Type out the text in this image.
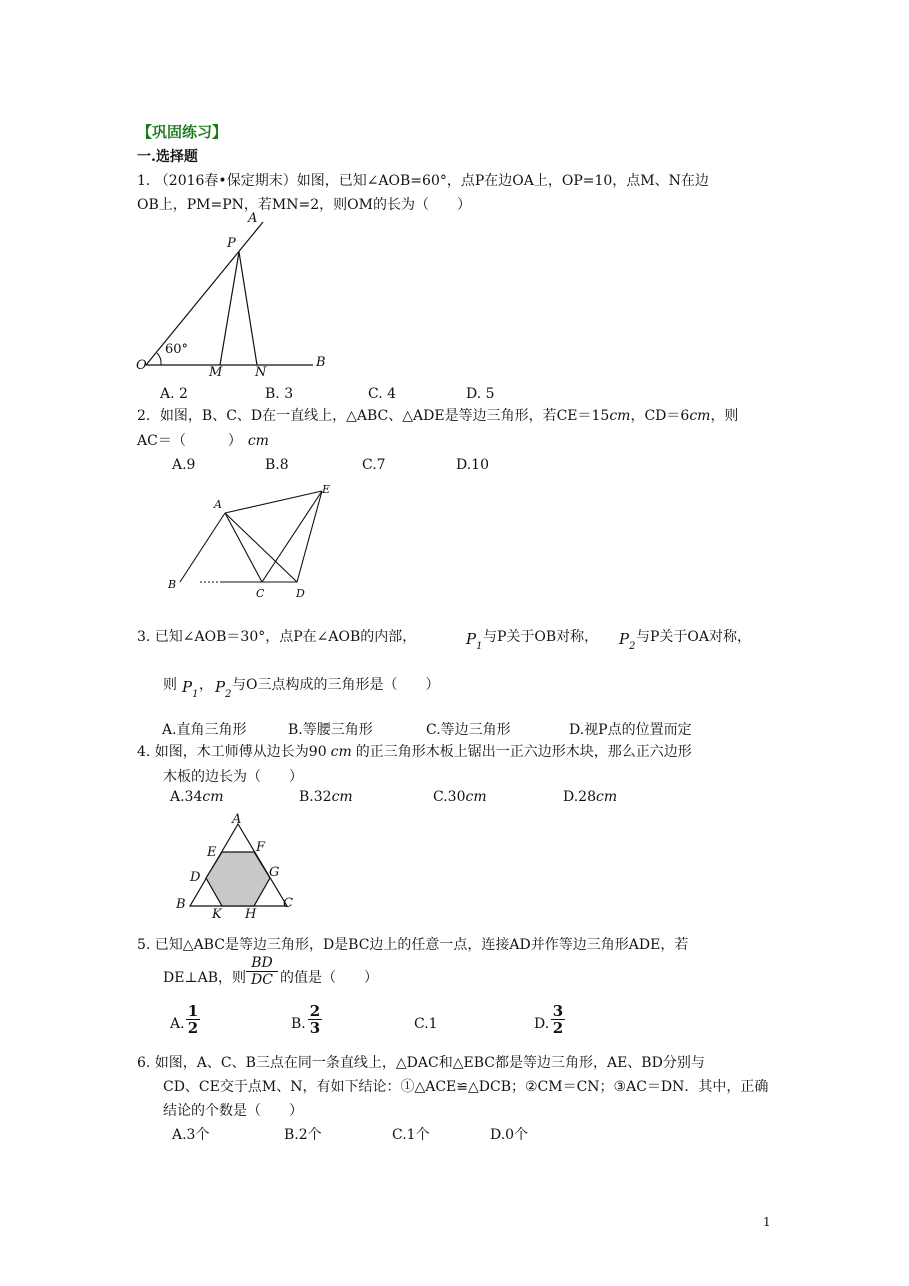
【巩固练习】
一.选择题
1. （2016春•保定期末）如图，已知∠AOB=60°，点P在边OA上，OP=10，点M、N在边
OB上，PM=PN，若MN=2，则OM的长为（　　）
A
P
O
60°
B
M	N
A. 2	B. 3	C. 4	D. 5
2．如图，B、C、D在一直线上，△ABC、△ADE是等边三角形，若CE＝15cm，CD＝6cm，则
AC＝（　　　） cm
A.9	B.8	C.7	D.10
A
E
B
C	D
3. 已知∠AOB＝30°，点P在∠AOB的内部，	$P_1$
与P关于OB对称， $P_2$
与P关于OA对称，
则 $P_1$
， $P_2$
与O三点构成的三角形是（　　）
A.直角三角形	B.等腰三角形	C.等边三角形	D.视P点的位置而定
4. 如图，木工师傅从边长为90 cm 的正三角形木板上锯出一正六边形木块，那么正六边形
木板的边长为（　　）
A.34cm	B.32cm	C.30cm	D.28cm
A
E	F
D	G
B
K H
C
5. 已知△ABC是等边三角形，D是BC边上的任意一点，连接AD并作等边三角形ADE，若
DE⊥AB，则 $\frac{BD}{DC}$ 的值是（　　）
A. $\frac{1}{2}$	B. $\frac{2}{3}$	C.1	D. $\frac{3}{2}$
6. 如图，A、C、B三点在同一条直线上，△DAC和△EBC都是等边三角形，AE、BD分别与
CD、CE交于点M、N，有如下结论：①△ACE≌△DCB；②CM＝CN；③AC＝DN．其中，正确
结论的个数是（　　）
A.3个	B.2个	C.1个	D.0个
1
